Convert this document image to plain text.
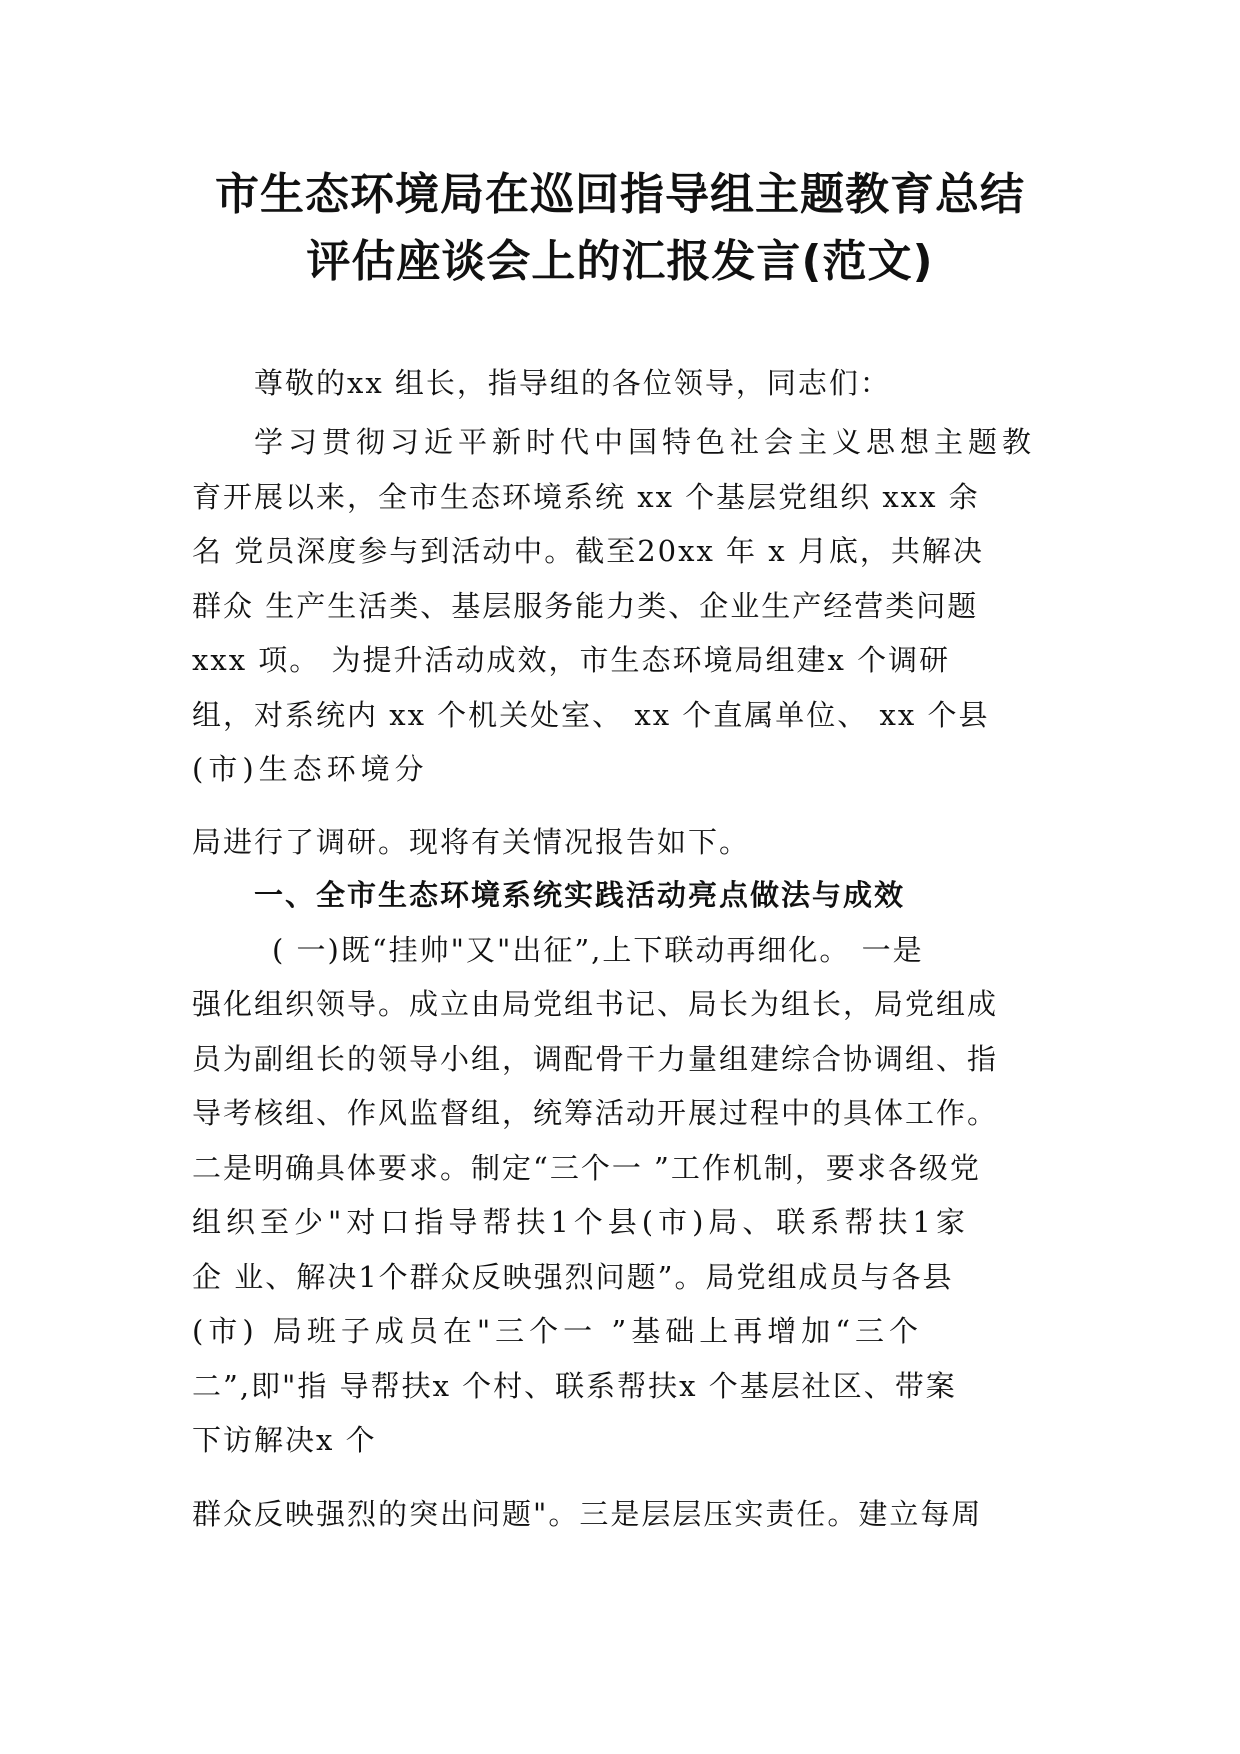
市生态环境局在巡回指导组主题教育总结
评估座谈会上的汇报发言(范文)
尊敬的xx 组长，指导组的各位领导，同志们：
学习贯彻习近平新时代中国特色社会主义思想主题教
育开展以来，全市生态环境系统 xx 个基层党组织 xxx 余
名 党员深度参与到活动中。截至20xx 年 x 月底，共解决
群众 生产生活类、基层服务能力类、企业生产经营类问题
xxx 项。 为提升活动成效，市生态环境局组建x 个调研
组，对系统内 xx 个机关处室、 xx 个直属单位、 xx 个县
(市)生态环境分
局进行了调研。现将有关情况报告如下。
一、全市生态环境系统实践活动亮点做法与成效
( 一)既“挂帅"又"出征”,上下联动再细化。 一是
强化组织领导。成立由局党组书记、局长为组长，局党组成
员为副组长的领导小组，调配骨干力量组建综合协调组、指
导考核组、作风监督组，统筹活动开展过程中的具体工作。
二是明确具体要求。制定“三个一 ”工作机制，要求各级党
组织至少"对口指导帮扶1个县(市)局、联系帮扶1家
企 业、解决1个群众反映强烈问题”。局党组成员与各县
(市) 局班子成员在"三个一 ”基础上再增加“三个
二”,即"指 导帮扶x 个村、联系帮扶x 个基层社区、带案
下访解决x 个
群众反映强烈的突出问题"。三是层层压实责任。建立每周
